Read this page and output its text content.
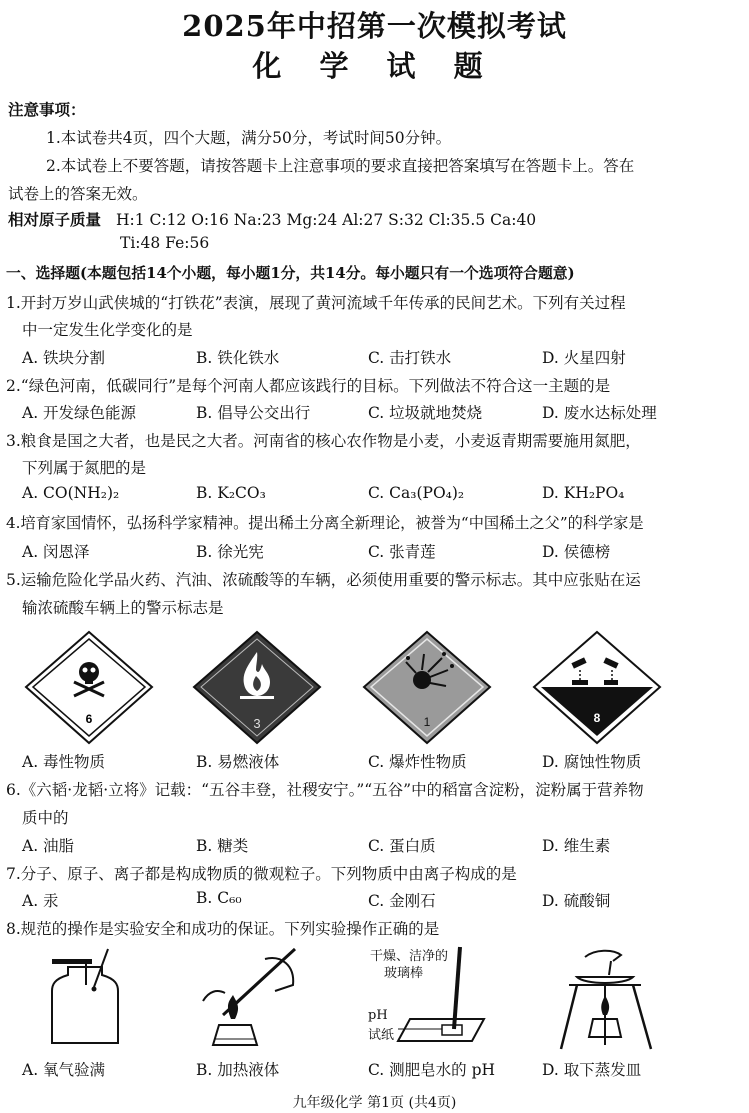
2025年中招第一次模拟考试
化 学 试 题
注意事项：
1.本试卷共4页，四个大题，满分50分，考试时间50分钟。
2.本试卷上不要答题，请按答题卡上注意事项的要求直接把答案填写在答题卡上。答在
试卷上的答案无效。
相对原子质量 H:1 C:12 O:16 Na:23 Mg:24 Al:27 S:32 Cl:35.5 Ca:40
Ti:48 Fe:56
一、选择题(本题包括14个小题，每小题1分，共14分。每小题只有一个选项符合题意)
1.开封万岁山武侠城的“打铁花”表演，展现了黄河流域千年传承的民间艺术。下列有关过程
中一定发生化学变化的是
A. 铁块分割	B. 铁化铁水	C. 击打铁水	D. 火星四射
2.“绿色河南，低碳同行”是每个河南人都应该践行的目标。下列做法不符合这一主题的是
A. 开发绿色能源	B. 倡导公交出行	C. 垃圾就地焚烧	D. 废水达标处理
3.粮食是国之大者，也是民之大者。河南省的核心农作物是小麦，小麦返青期需要施用氮肥，
下列属于氮肥的是
A. CO(NH₂)₂	B. K₂CO₃	C. Ca₃(PO₄)₂	D. KH₂PO₄
4.培育家国情怀，弘扬科学家精神。提出稀土分离全新理论，被誉为“中国稀土之父”的科学家是
A. 闵恩泽	B. 徐光宪	C. 张青莲	D. 侯德榜
5.运输危险化学品火药、汽油、浓硫酸等的车辆，必须使用重要的警示标志。其中应张贴在运
输浓硫酸车辆上的警示标志是
6	3	1	8
A. 毒性物质	B. 易燃液体	C. 爆炸性物质	D. 腐蚀性物质
6.《六韬·龙韬·立将》记载：“五谷丰登，社稷安宁。”“五谷”中的稻富含淀粉，淀粉属于营养物
质中的
A. 油脂	B. 糖类	C. 蛋白质	D. 维生素
7.分子、原子、离子都是构成物质的微观粒子。下列物质中由离子构成的是
A. 汞	B. C₆₀	C. 金刚石	D. 硫酸铜
8.规范的操作是实验安全和成功的保证。下列实验操作正确的是
干燥、洁净的
玻璃棒
pH
试纸
A. 氧气验满	B. 加热液体	C. 测肥皂水的 pH	D. 取下蒸发皿
九年级化学 第1页 (共4页)
